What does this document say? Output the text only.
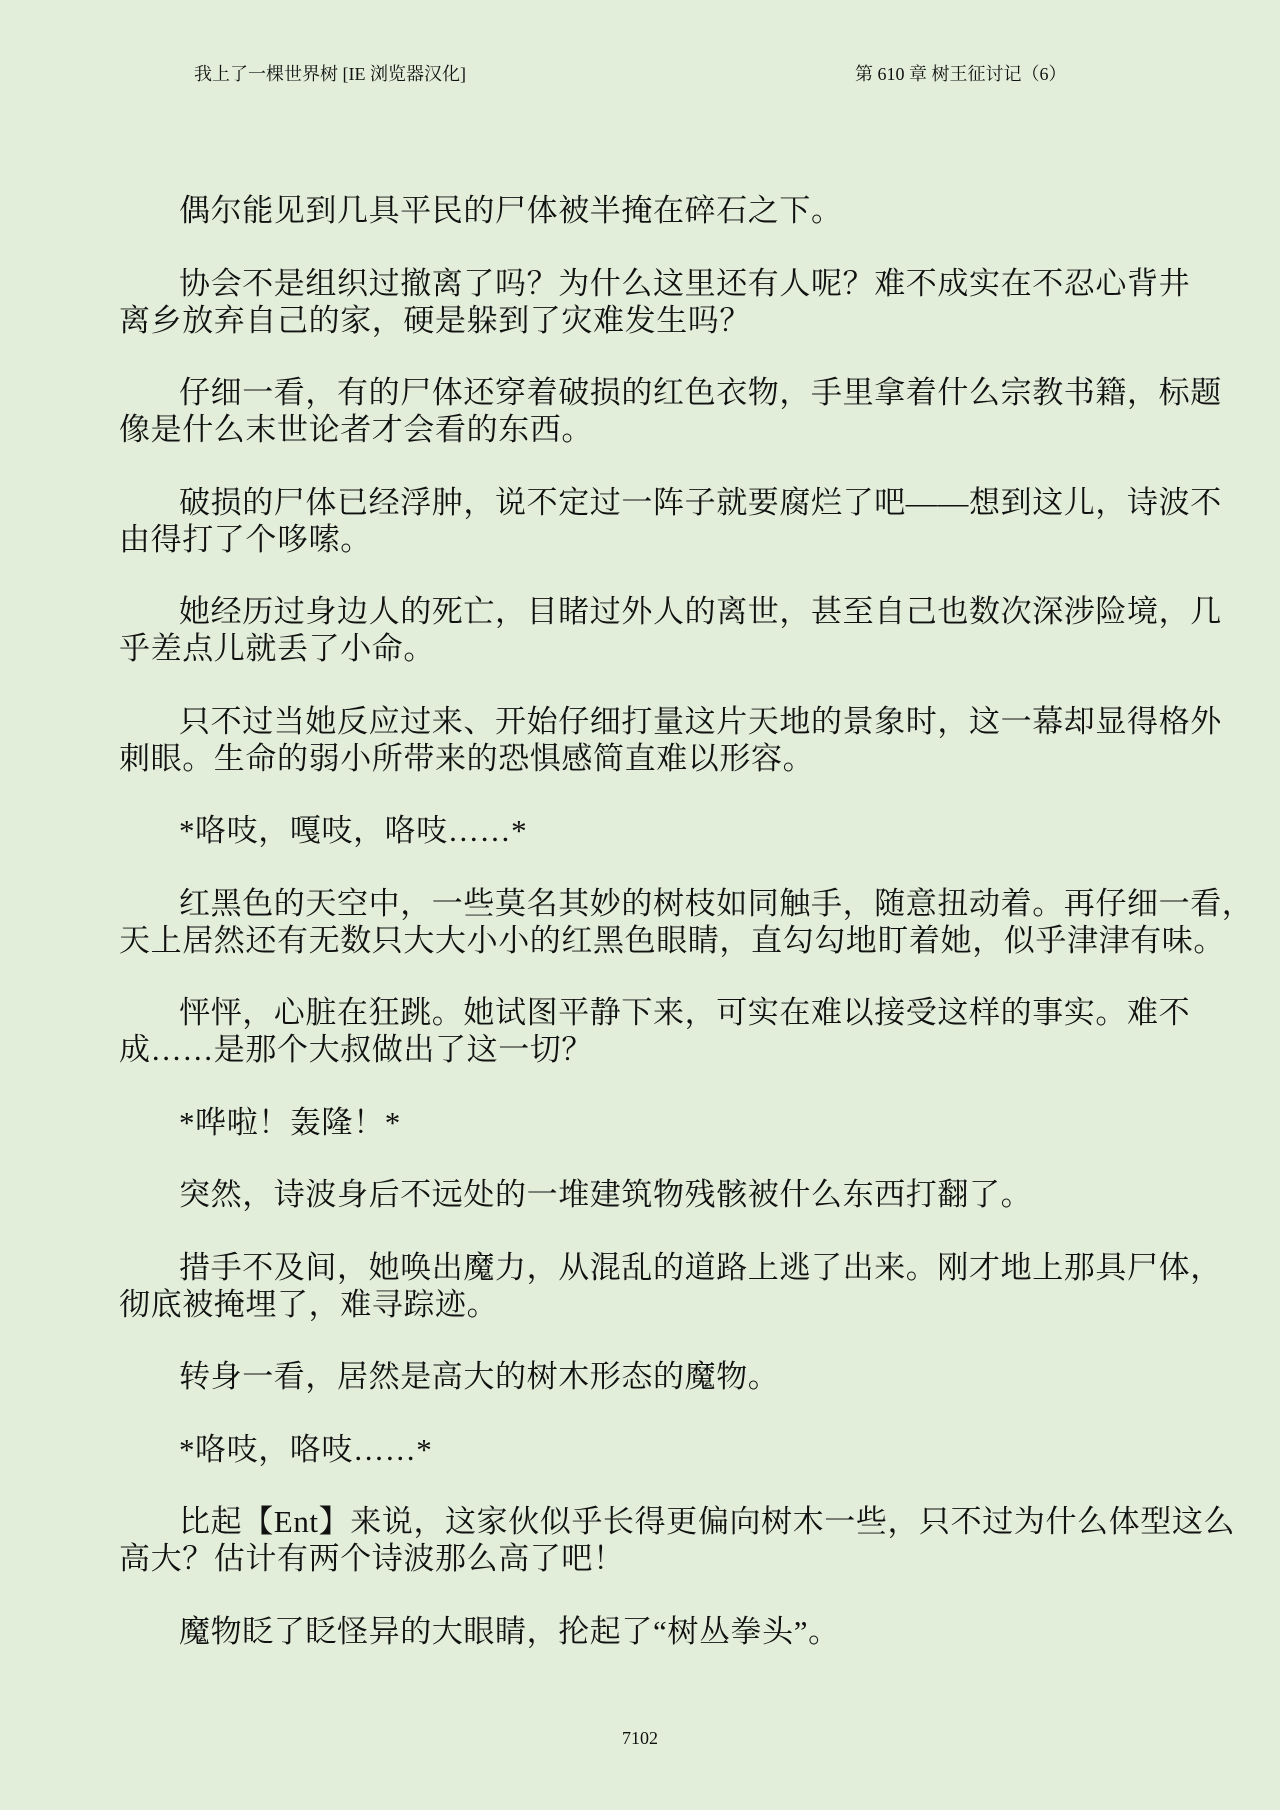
我上了一棵世界树 [IE 浏览器汉化]	第 610 章 树王征讨记（6）
偶尔能见到几具平民的尸体被半掩在碎石之下。
协会不是组织过撤离了吗？为什么这里还有人呢？难不成实在不忍心背井
离乡放弃自己的家，硬是躲到了灾难发生吗？
仔细一看，有的尸体还穿着破损的红色衣物，手里拿着什么宗教书籍，标题
像是什么末世论者才会看的东西。
破损的尸体已经浮肿，说不定过一阵子就要腐烂了吧——想到这儿，诗波不
由得打了个哆嗦。
她经历过身边人的死亡，目睹过外人的离世，甚至自己也数次深涉险境，几
乎差点儿就丢了小命。
只不过当她反应过来、开始仔细打量这片天地的景象时，这一幕却显得格外
刺眼。生命的弱小所带来的恐惧感简直难以形容。
*咯吱，嘎吱，咯吱……*
红黑色的天空中，一些莫名其妙的树枝如同触手，随意扭动着。再仔细一看，
天上居然还有无数只大大小小的红黑色眼睛，直勾勾地盯着她，似乎津津有味。
怦怦，心脏在狂跳。她试图平静下来，可实在难以接受这样的事实。难不
成……是那个大叔做出了这一切？
*哗啦！轰隆！*
突然，诗波身后不远处的一堆建筑物残骸被什么东西打翻了。
措手不及间，她唤出魔力，从混乱的道路上逃了出来。刚才地上那具尸体，
彻底被掩埋了，难寻踪迹。
转身一看，居然是高大的树木形态的魔物。
*咯吱，咯吱……*
比起【Ent】来说，这家伙似乎长得更偏向树木一些，只不过为什么体型这么
高大？估计有两个诗波那么高了吧！
魔物眨了眨怪异的大眼睛，抡起了“树丛拳头”。
7102
